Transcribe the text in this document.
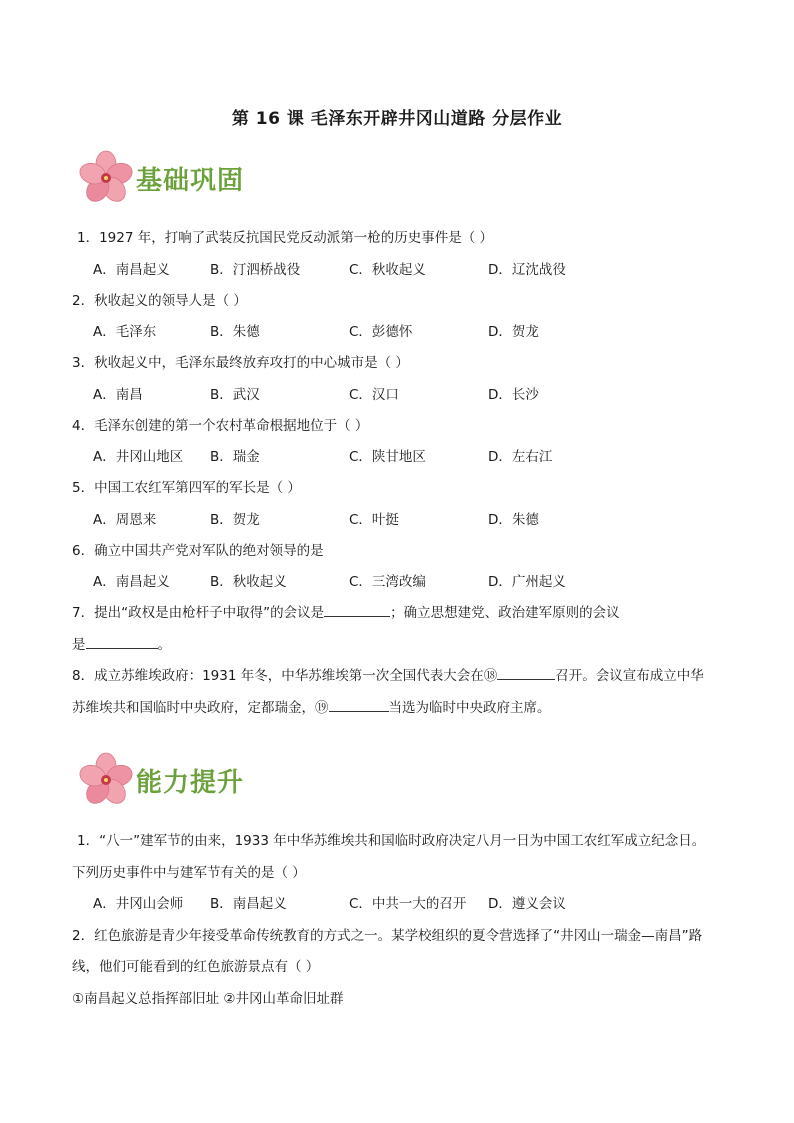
第 16 课 毛泽东开辟井冈山道路 分层作业
基础巩固
1．1927 年，打响了武装反抗国民党反动派第一枪的历史事件是（ ）
A．南昌起义	B．汀泗桥战役	C．秋收起义	D．辽沈战役
2．秋收起义的领导人是（ ）
A．毛泽东	B．朱德	C．彭德怀	D．贺龙
3．秋收起义中，毛泽东最终放弃攻打的中心城市是（ ）
A．南昌	B．武汉	C．汉口	D．长沙
4．毛泽东创建的第一个农村革命根据地位于（ ）
A．井冈山地区 B．瑞金	C．陕甘地区	D．左右江
5．中国工农红军第四军的军长是（ ）
A．周恩来	B．贺龙	C．叶挺	D．朱德
6．确立中国共产党对军队的绝对领导的是
A．南昌起义	B．秋收起义	C．三湾改编	D．广州起义
7．提出“政权是由枪杆子中取得”的会议是	；确立思想建党、政治建军原则的会议
是	。
8．成立苏维埃政府：1931 年冬，中华苏维埃第一次全国代表大会在⑱	召开。会议宣布成立中华
苏维埃共和国临时中央政府，定都瑞金，⑲	当选为临时中央政府主席。
能力提升
1．“八一”建军节的由来，1933 年中华苏维埃共和国临时政府决定八月一日为中国工农红军成立纪念日。
下列历史事件中与建军节有关的是（ ）
A．井冈山会师 B．南昌起义	C．中共一大的召开 D．遵义会议
2．红色旅游是青少年接受革命传统教育的方式之一。某学校组织的夏令营选择了“井冈山一瑞金—南昌”路
线，他们可能看到的红色旅游景点有（ ）
①南昌起义总指挥部旧址 ②井冈山革命旧址群
